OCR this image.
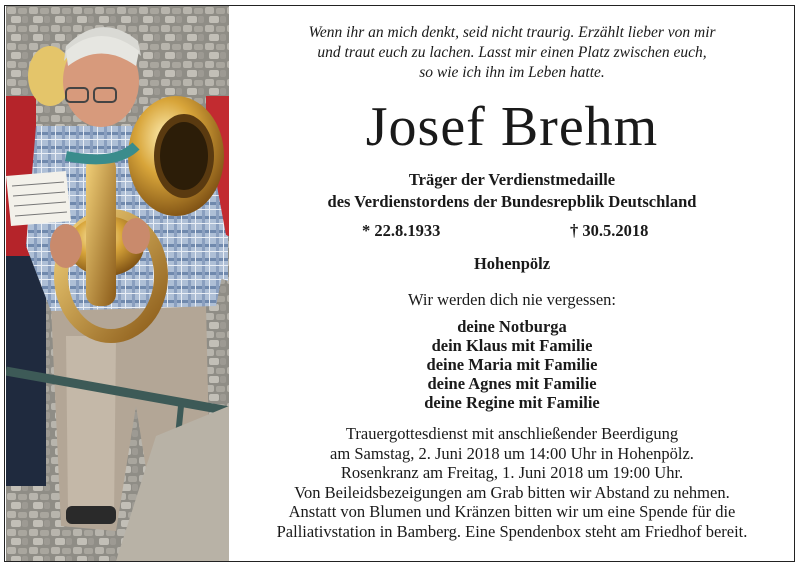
Wenn ihr an mich denkt, seid nicht traurig. Erzählt lieber von mir
und traut euch zu lachen. Lasst mir einen Platz zwischen euch,
so wie ich ihn im Leben hatte.
Josef Brehm
Träger der Verdienstmedaille
des Verdienstordens der Bundesrepblik Deutschland
* 22.8.1933	† 30.5.2018
Hohenpölz
Wir werden dich nie vergessen:
deine Notburga
dein Klaus mit Familie
deine Maria mit Familie
deine Agnes mit Familie
deine Regine mit Familie
Trauergottesdienst mit anschließender Beerdigung
am Samstag, 2. Juni 2018 um 14:00 Uhr in Hohenpölz.
Rosenkranz am Freitag, 1. Juni 2018 um 19:00 Uhr.
Von Beileidsbezeigungen am Grab bitten wir Abstand zu nehmen.
Anstatt von Blumen und Kränzen bitten wir um eine Spende für die
Palliativstation in Bamberg. Eine Spendenbox steht am Friedhof bereit.
